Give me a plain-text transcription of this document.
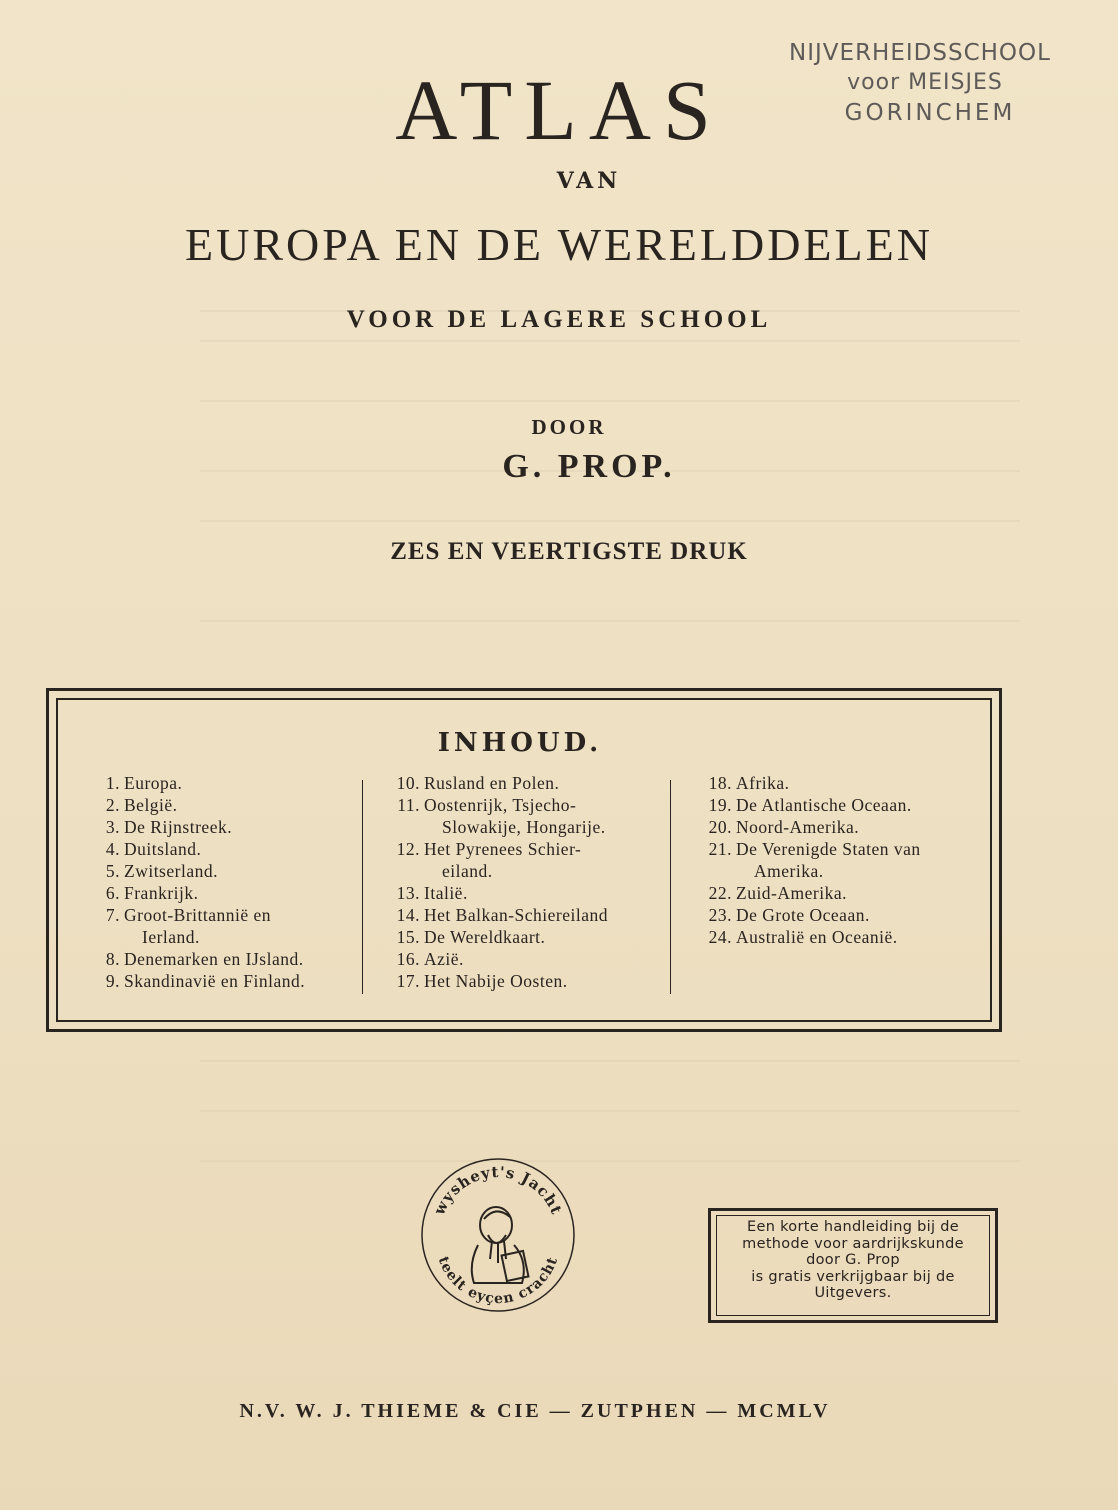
NIJVERHEIDSSCHOOL
voor MEISJES
GORINCHEM
ATLAS
VAN
EUROPA EN DE WERELDDELEN
VOOR DE LAGERE SCHOOL
DOOR
G. PROP.
ZES EN VEERTIGSTE DRUK
INHOUD.
1. Europa.
2. België.
3. De Rijnstreek.
4. Duitsland.
5. Zwitserland.
6. Frankrijk.
7. Groot-Brittannië en
Ierland.
8. Denemarken en IJsland.
9. Skandinavië en Finland.
10. Rusland en Polen.
11. Oostenrijk, Tsjecho-
Slowakije, Hongarije.
12. Het Pyrenees Schier-
eiland.
13. Italië.
14. Het Balkan-Schiereiland
15. De Wereldkaart.
16. Azië.
17. Het Nabije Oosten.
18. Afrika.
19. De Atlantische Oceaan.
20. Noord-Amerika.
21. De Verenigde Staten van
Amerika.
22. Zuid-Amerika.
23. De Grote Oceaan.
24. Australië en Oceanië.
wysheyt's Jacht
teelt eyçen cracht
Een korte handleiding bij de
methode voor aardrijkskunde
door G. Prop
is gratis verkrijgbaar bij de
Uitgevers.
N.V. W. J. THIEME & CIE — ZUTPHEN — MCMLV
